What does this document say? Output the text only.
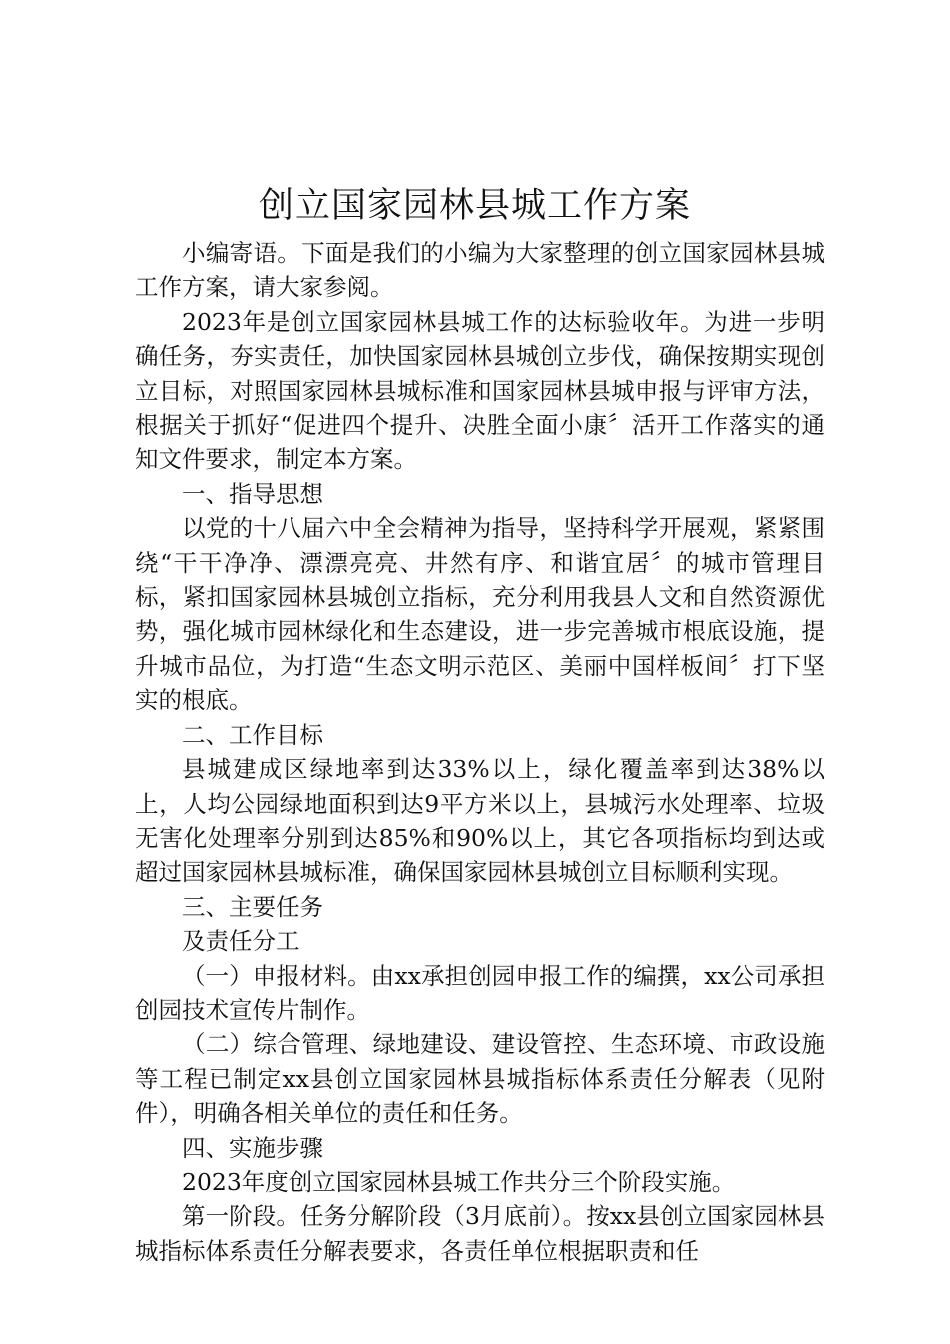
创立国家园林县城工作方案

小编寄语。下面是我们的小编为大家整理的创立国家园林县城工作方案，请大家参阅。

2023年是创立国家园林县城工作的达标验收年。为进一步明确任务，夯实责任，加快国家园林县城创立步伐，确保按期实现创立目标，对照国家园林县城标准和国家园林县城申报与评审方法，根据关于抓好“促进四个提升、决胜全面小康〞活开工作落实的通知文件要求，制定本方案。

一、指导思想

以党的十八届六中全会精神为指导，坚持科学开展观，紧紧围绕“干干净净、漂漂亮亮、井然有序、和谐宜居〞的城市管理目标，紧扣国家园林县城创立指标，充分利用我县人文和自然资源优势，强化城市园林绿化和生态建设，进一步完善城市根底设施，提升城市品位，为打造“生态文明示范区、美丽中国样板间〞打下坚实的根底。

二、工作目标

县城建成区绿地率到达33%以上，绿化覆盖率到达38%以上，人均公园绿地面积到达9平方米以上，县城污水处理率、垃圾无害化处理率分别到达85%和90%以上，其它各项指标均到达或超过国家园林县城标准，确保国家园林县城创立目标顺利实现。

三、主要任务

及责任分工

（一）申报材料。由xx承担创园申报工作的编撰，xx公司承担创园技术宣传片制作。

（二）综合管理、绿地建设、建设管控、生态环境、市政设施等工程已制定xx县创立国家园林县城指标体系责任分解表（见附件），明确各相关单位的责任和任务。

四、实施步骤

2023年度创立国家园林县城工作共分三个阶段实施。

第一阶段。任务分解阶段（3月底前）。按xx县创立国家园林县城指标体系责任分解表要求，各责任单位根据职责和任
